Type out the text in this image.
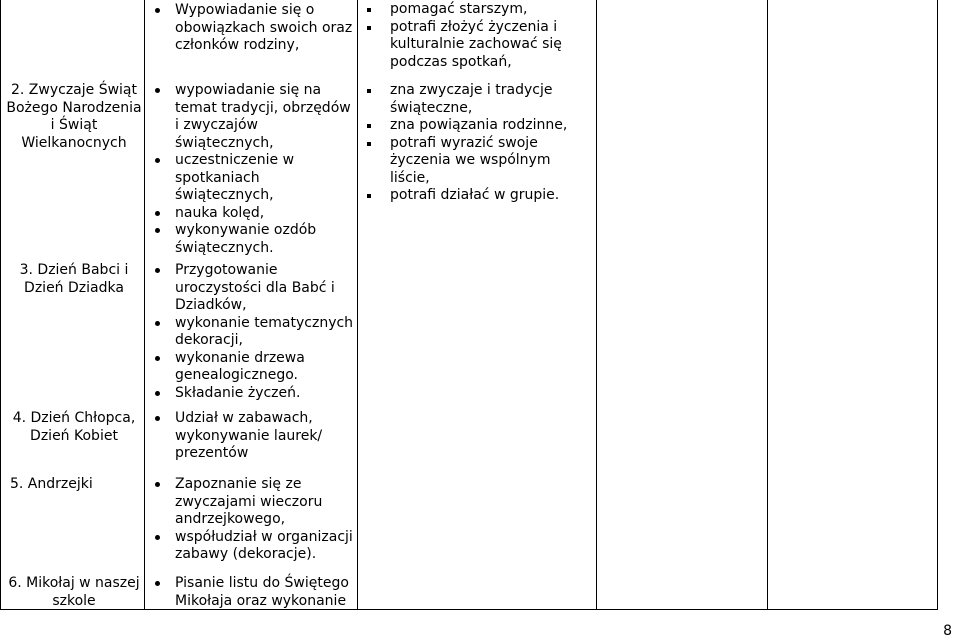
Wypowiadanie się o obowiązkach swoich oraz członków rodziny,
pomagać starszym,
potrafi złożyć życzenia i kulturalnie zachować się podczas spotkań,
2. Zwyczaje Świąt Bożego Narodzenia i Świąt Wielkanocnych
wypowiadanie się na temat tradycji, obrzędów i zwyczajów świątecznych,
uczestniczenie w spotkaniach świątecznych,
nauka kolęd,
wykonywanie ozdób świątecznych.
zna zwyczaje i tradycje świąteczne,
zna powiązania rodzinne,
potrafi wyrazić swoje życzenia we wspólnym liście,
potrafi działać w grupie.
3. Dzień Babci i Dzień Dziadka
Przygotowanie uroczystości dla Babć i Dziadków,
wykonanie tematycznych dekoracji,
wykonanie drzewa genealogicznego.
Składanie życzeń.
4. Dzień Chłopca, Dzień Kobiet
Udział w zabawach, wykonywanie laurek/ prezentów
5. Andrzejki	Zapoznanie się ze zwyczajami wieczoru andrzejkowego,
współudział w organizacji zabawy (dekoracje).
6. Mikołaj w naszej szkole
Pisanie listu do Świętego Mikołaja oraz wykonanie
8
